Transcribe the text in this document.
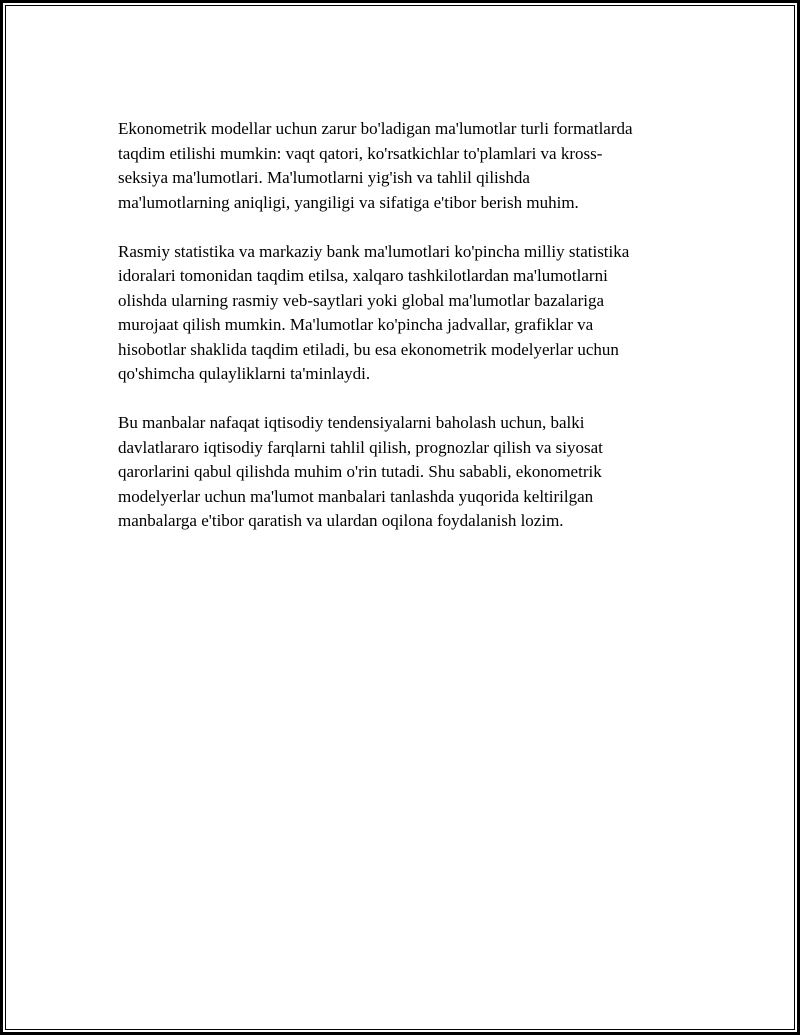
Ekonometrik modellar uchun zarur bo'ladigan ma'lumotlar turli formatlarda
taqdim etilishi mumkin: vaqt qatori, ko'rsatkichlar to'plamlari va kross-
seksiya ma'lumotlari. Ma'lumotlarni yig'ish va tahlil qilishda
ma'lumotlarning aniqligi, yangiligi va sifatiga e'tibor berish muhim.

Rasmiy statistika va markaziy bank ma'lumotlari ko'pincha milliy statistika
idoralari tomonidan taqdim etilsa, xalqaro tashkilotlardan ma'lumotlarni
olishda ularning rasmiy veb-saytlari yoki global ma'lumotlar bazalariga
murojaat qilish mumkin. Ma'lumotlar ko'pincha jadvallar, grafiklar va
hisobotlar shaklida taqdim etiladi, bu esa ekonometrik modelyerlar uchun
qo'shimcha qulayliklarni ta'minlaydi.

Bu manbalar nafaqat iqtisodiy tendensiyalarni baholash uchun, balki
davlatlararo iqtisodiy farqlarni tahlil qilish, prognozlar qilish va siyosat
qarorlarini qabul qilishda muhim o'rin tutadi. Shu sababli, ekonometrik
modelyerlar uchun ma'lumot manbalari tanlashda yuqorida keltirilgan
manbalarga e'tibor qaratish va ulardan oqilona foydalanish lozim.
